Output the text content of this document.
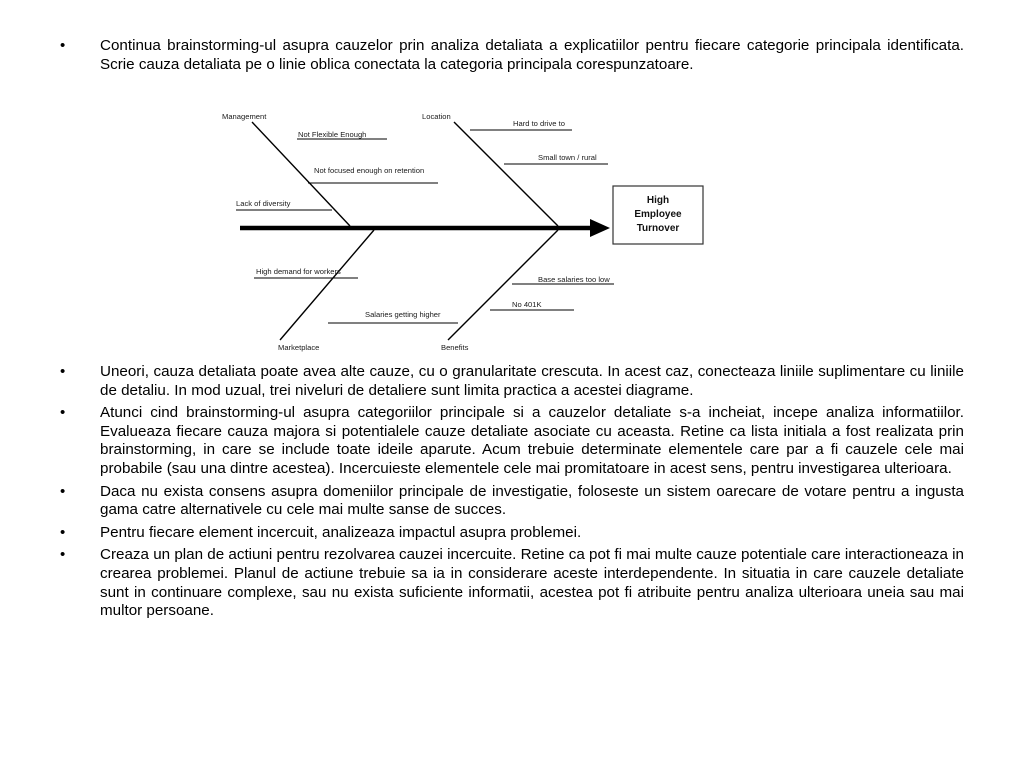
• Continua brainstorming-ul asupra cauzelor prin analiza detaliata a explicatiilor pentru fiecare categorie principala identificata. Scrie cauza detaliata pe o linie oblica conectata la categoria principala corespunzatoare.
High
Employee
Turnover
Management
Not Flexible Enough
Not focused enough on retention
Lack of diversity
Location
Hard to drive to
Small town / rural
Marketplace
High demand for workers
Salaries getting higher
Benefits
Base salaries too low
No 401K
• Uneori, cauza detaliata poate avea alte cauze, cu o granularitate crescuta. In acest caz, conecteaza liniile suplimentare cu liniile de detaliu. In mod uzual, trei niveluri de detaliere sunt limita practica a acestei diagrame.
• Atunci cind brainstorming-ul asupra categoriilor principale si a cauzelor detaliate s-a incheiat, incepe analiza informatiilor. Evalueaza fiecare cauza majora si potentialele cauze detaliate asociate cu aceasta. Retine ca lista initiala a fost realizata prin brainstorming, in care se include toate ideile aparute. Acum trebuie determinate elementele care par a fi cauzele cele mai probabile (sau una dintre acestea). Incercuieste elementele cele mai promitatoare in acest sens, pentru investigarea ulterioara.
• Daca nu exista consens asupra domeniilor principale de investigatie, foloseste un sistem oarecare de votare pentru a ingusta gama catre alternativele cu cele mai multe sanse de succes.
• Pentru fiecare element incercuit, analizeaza impactul asupra problemei.
• Creaza un plan de actiuni pentru rezolvarea cauzei incercuite. Retine ca pot fi mai multe cauze potentiale care interactioneaza in crearea problemei. Planul de actiune trebuie sa ia in considerare aceste interdependente. In situatia in care cauzele detaliate sunt in continuare complexe, sau nu exista suficiente informatii, acestea pot fi atribuite pentru analiza ulterioara uneia sau mai multor persoane.
